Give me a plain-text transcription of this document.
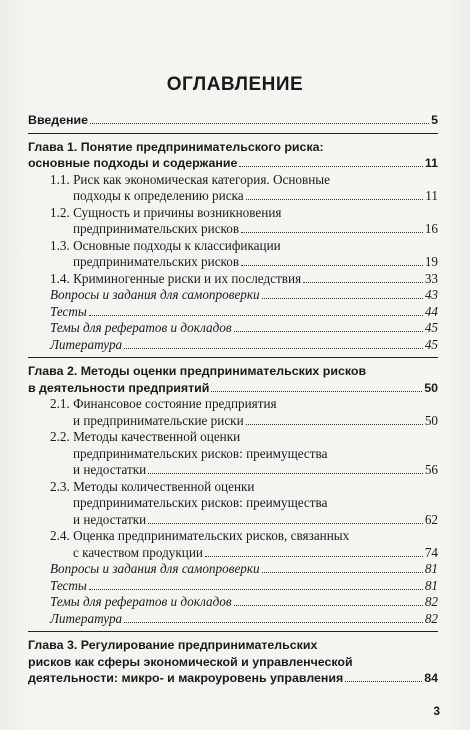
ОГЛАВЛЕНИЕ
Введение	5
Глава 1. Понятие предпринимательского риска:
основные подходы и содержание	11
1.1. Риск как экономическая категория. Основные
подходы к определению риска	11
1.2. Сущность и причины возникновения
предпринимательских рисков	16
1.3. Основные подходы к классификации
предпринимательских рисков	19
1.4. Криминогенные риски и их последствия	33
Вопросы и задания для самопроверки	43
Тесты	44
Темы для рефератов и докладов	45
Литература	45
Глава 2. Методы оценки предпринимательских рисков
в деятельности предприятий	50
2.1. Финансовое состояние предприятия
и предпринимательские риски	50
2.2. Методы качественной оценки
предпринимательских рисков: преимущества
и недостатки	56
2.3. Методы количественной оценки
предпринимательских рисков: преимущества
и недостатки	62
2.4. Оценка предпринимательских рисков, связанных
с качеством продукции	74
Вопросы и задания для самопроверки	81
Тесты	81
Темы для рефератов и докладов	82
Литература	82
Глава 3. Регулирование предпринимательских
рисков как сферы экономической и управленческой
деятельности: микро- и макроуровень управления	84
3
